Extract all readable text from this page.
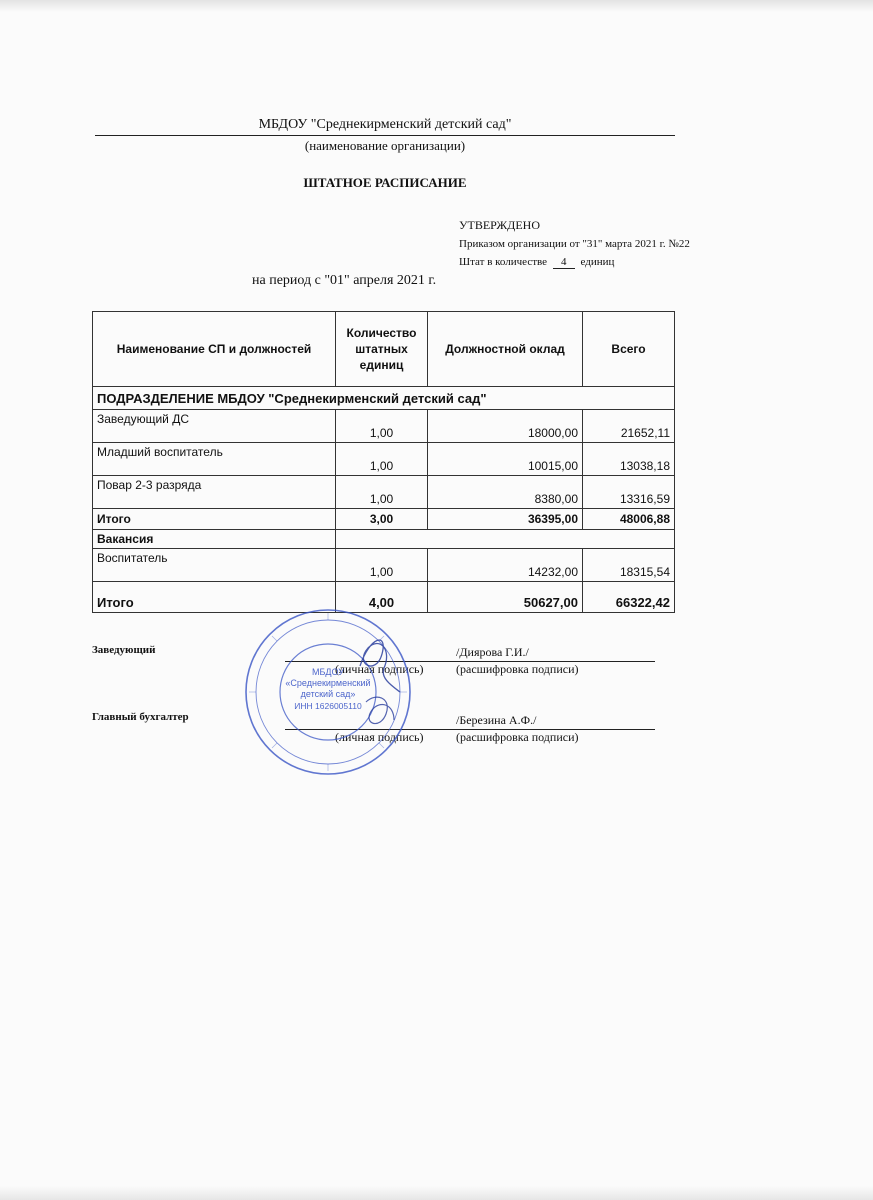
МБДОУ "Среднекирменский детский сад"
(наименование организации)
ШТАТНОЕ РАСПИСАНИЕ
УТВЕРЖДЕНО
Приказом организации от "31" марта 2021 г. №22
Штат в количестве 4 единиц
на период с "01" апреля 2021 г.
Наименование СП и должностей	Количество штатных единиц	Должностной оклад	Всего
ПОДРАЗДЕЛЕНИЕ МБДОУ "Среднекирменский детский сад"			
Заведующий ДС	1,00	18000,00	21652,11
Младший воспитатель	1,00	10015,00	13038,18
Повар 2-3 разряда	1,00	8380,00	13316,59
Итого	3,00	36395,00	48006,88
Вакансия			
Воспитатель	1,00	14232,00	18315,54
Итого	4,00	50627,00	66322,42
Заведующий	/Диярова Г.И./
(личная подпись)	(расшифровка подписи)
Главный бухгалтер	/Березина А.Ф./
(личная подпись)	(расшифровка подписи)
МБДОУ
«Среднекирменский
детский сад»
ИНН 1626005110
